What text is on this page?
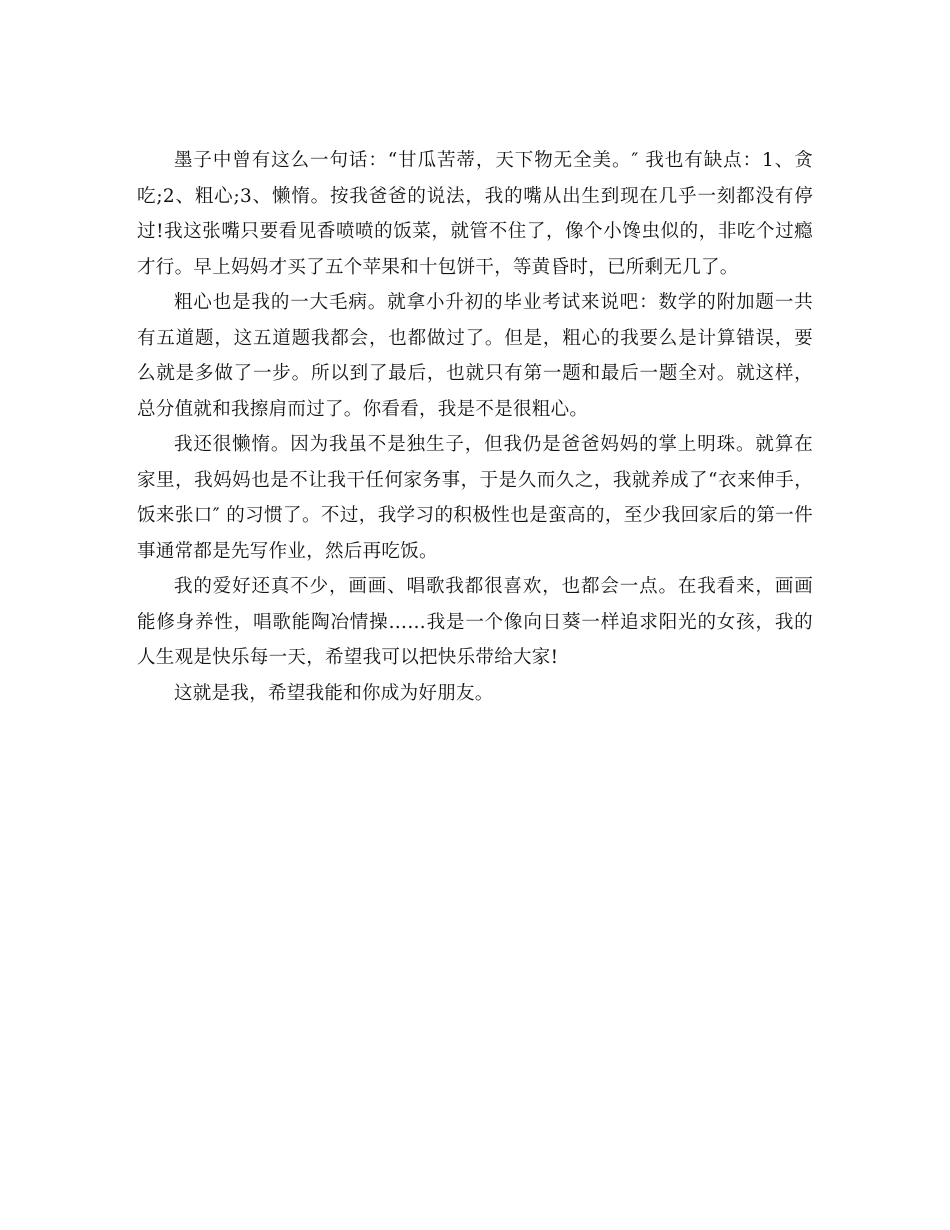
墨子中曾有这么一句话：“甘瓜苦蒂，天下物无全美。″ 我也有缺点：1、贪吃;2、粗心;3、懒惰。按我爸爸的说法，我的嘴从出生到现在几乎一刻都没有停过!我这张嘴只要看见香喷喷的饭菜，就管不住了，像个小馋虫似的，非吃个过瘾才行。早上妈妈才买了五个苹果和十包饼干，等黄昏时，已所剩无几了。

粗心也是我的一大毛病。就拿小升初的毕业考试来说吧：数学的附加题一共有五道题，这五道题我都会，也都做过了。但是，粗心的我要么是计算错误，要么就是多做了一步。所以到了最后，也就只有第一题和最后一题全对。就这样，总分值就和我擦肩而过了。你看看，我是不是很粗心。

我还很懒惰。因为我虽不是独生子，但我仍是爸爸妈妈的掌上明珠。就算在家里，我妈妈也是不让我干任何家务事，于是久而久之，我就养成了“衣来伸手，饭来张口″ 的习惯了。不过，我学习的积极性也是蛮高的，至少我回家后的第一件事通常都是先写作业，然后再吃饭。

我的爱好还真不少，画画、唱歌我都很喜欢，也都会一点。在我看来，画画能修身养性，唱歌能陶冶情操……我是一个像向日葵一样追求阳光的女孩，我的人生观是快乐每一天，希望我可以把快乐带给大家!

这就是我，希望我能和你成为好朋友。
